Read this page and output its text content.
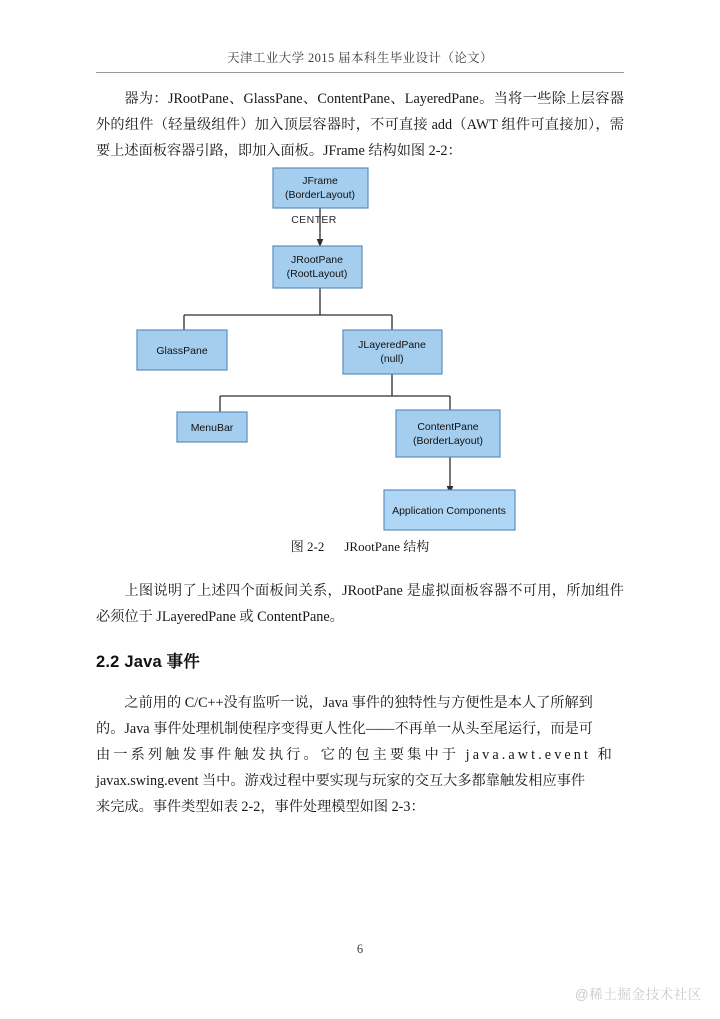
天津工业大学 2015 届本科生毕业设计（论文）
器为：JRootPane、GlassPane、ContentPane、LayeredPane。当将一些除上层容器外的组件（轻量级组件）加入顶层容器时，不可直接 add（AWT 组件可直接加），需要上述面板容器引路，即加入面板。JFrame 结构如图 2-2：
JFrame
(BorderLayout)
CENTER
JRootPane
(RootLayout)
GlassPane	JLayeredPane
(null)
MenuBar	ContentPane
(BorderLayout)
Application Components
图 2-2 JRootPane 结构
上图说明了上述四个面板间关系，JRootPane 是虚拟面板容器不可用，所加组件必须位于 JLayeredPane 或 ContentPane。
2.2 Java 事件
之前用的 C/C++没有监听一说，Java 事件的独特性与方便性是本人了所解到
的。Java 事件处理机制使程序变得更人性化——不再单一从头至尾运行，而是可
由一系列触发事件触发执行。它的包主要集中于 java.awt.event 和
javax.swing.event 当中。游戏过程中要实现与玩家的交互大多都靠触发相应事件
来完成。事件类型如表 2-2，事件处理模型如图 2-3：
6
@稀土掘金技术社区
